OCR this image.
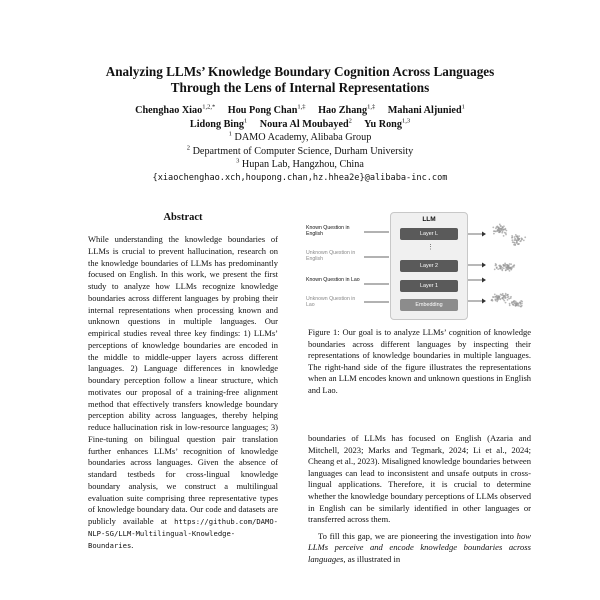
Analyzing LLMs’ Knowledge Boundary Cognition Across Languages
Through the Lens of Internal Representations
Chenghao Xiao$^{1,2,*}$ Hou Pong Chan$^{1,\ddagger}$ Hao Zhang$^{1,\ddagger}$ Mahani Aljunied$^1$
Lidong Bing$^1$ Noura Al Moubayed$^2$ Yu Rong$^{1,3}$
$^1$ DAMO Academy, Alibaba Group
$^2$ Department of Computer Science, Durham University
$^3$ Hupan Lab, Hangzhou, China
{xiaochenghao.xch,houpong.chan,hz.hhea2e}@alibaba-inc.com
Abstract
While understanding the knowledge boundaries of LLMs is crucial to prevent hallucination, research on the knowledge boundaries of LLMs has predominantly focused on English. In this work, we present the first study to analyze how LLMs recognize knowledge boundaries across different languages by probing their internal representations when processing known and unknown questions in multiple languages. Our empirical studies reveal three key findings: 1) LLMs’ perceptions of knowledge boundaries are encoded in the middle to middle-upper layers across different languages. 2) Language differences in knowledge boundary perception follow a linear structure, which motivates our proposal of a training-free alignment method that effectively transfers knowledge boundary perception ability across languages, thereby helping reduce hallucination risk in low-resource languages; 3) Fine-tuning on bilingual question pair translation further enhances LLMs’ recognition of knowledge boundaries across languages. Given the absence of standard testbeds for cross-lingual knowledge boundary analysis, we construct a multilingual evaluation suite comprising three representative types of knowledge boundary data. Our code and datasets are publicly available at https://github.com/DAMO-NLP-SG/LLM-Multilingual-Knowledge-Boundaries.
Known Question in English
Unknown Question in English
Known Question in Lao
Unknown Question in Lao
LLM
Layer L
⋮
Layer 2
Layer 1
Embedding
Figure 1: Our goal is to analyze LLMs’ cognition of knowledge boundaries across different languages by inspecting their representations of knowledge boundaries in multiple languages. The right-hand side of the figure illustrates the representations when an LLM encodes known and unknown questions in English and Lao.

boundaries of LLMs has focused on English (Azaria and Mitchell, 2023; Marks and Tegmark, 2024; Li et al., 2024; Cheang et al., 2023). Misaligned knowledge boundaries between languages can lead to inconsistent and unsafe outputs in cross-lingual applications. Therefore, it is crucial to determine whether the knowledge boundary perceptions of LLMs observed in English can be similarly identified in other languages or transferred across them.

To fill this gap, we are pioneering the investigation into how LLMs perceive and encode knowledge boundaries across languages, as illustrated in
